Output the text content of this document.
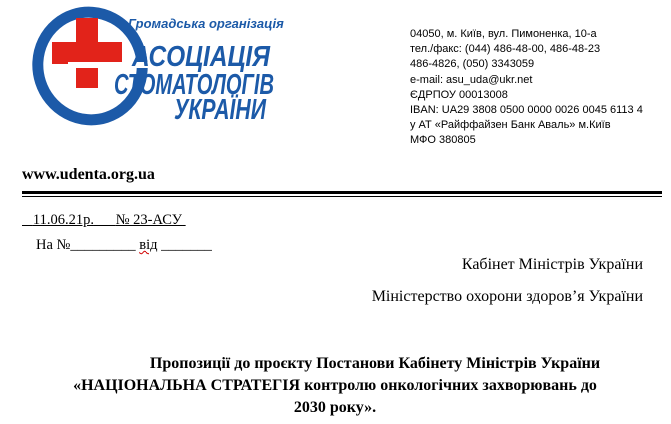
Громадська організація
АСОЦІАЦІЯ
СТОМАТОЛОГІВ
УКРАЇНИ
04050, м. Київ, вул. Пимоненка, 10-а
тел./факс: (044) 486-48-00, 486-48-23
486-4826, (050) 3343059
e-mail: asu_uda@ukr.net
ЄДРПОУ 00013008
IBAN: UA29 3808 0500 0000 0026 0045 6113 4
у АТ «Райффайзен Банк Аваль» м.Київ
МФО 380805
www.udenta.org.ua
11.06.21р. № 23-АСУ
На №_________ від _______
Кабінет Міністрів України
Міністерство охорони здоров’я України

Пропозиції до проєкту Постанови Кабінету Міністрів України
«НАЦІОНАЛЬНА СТРАТЕГІЯ контролю онкологічних захворювань до
2030 року».
